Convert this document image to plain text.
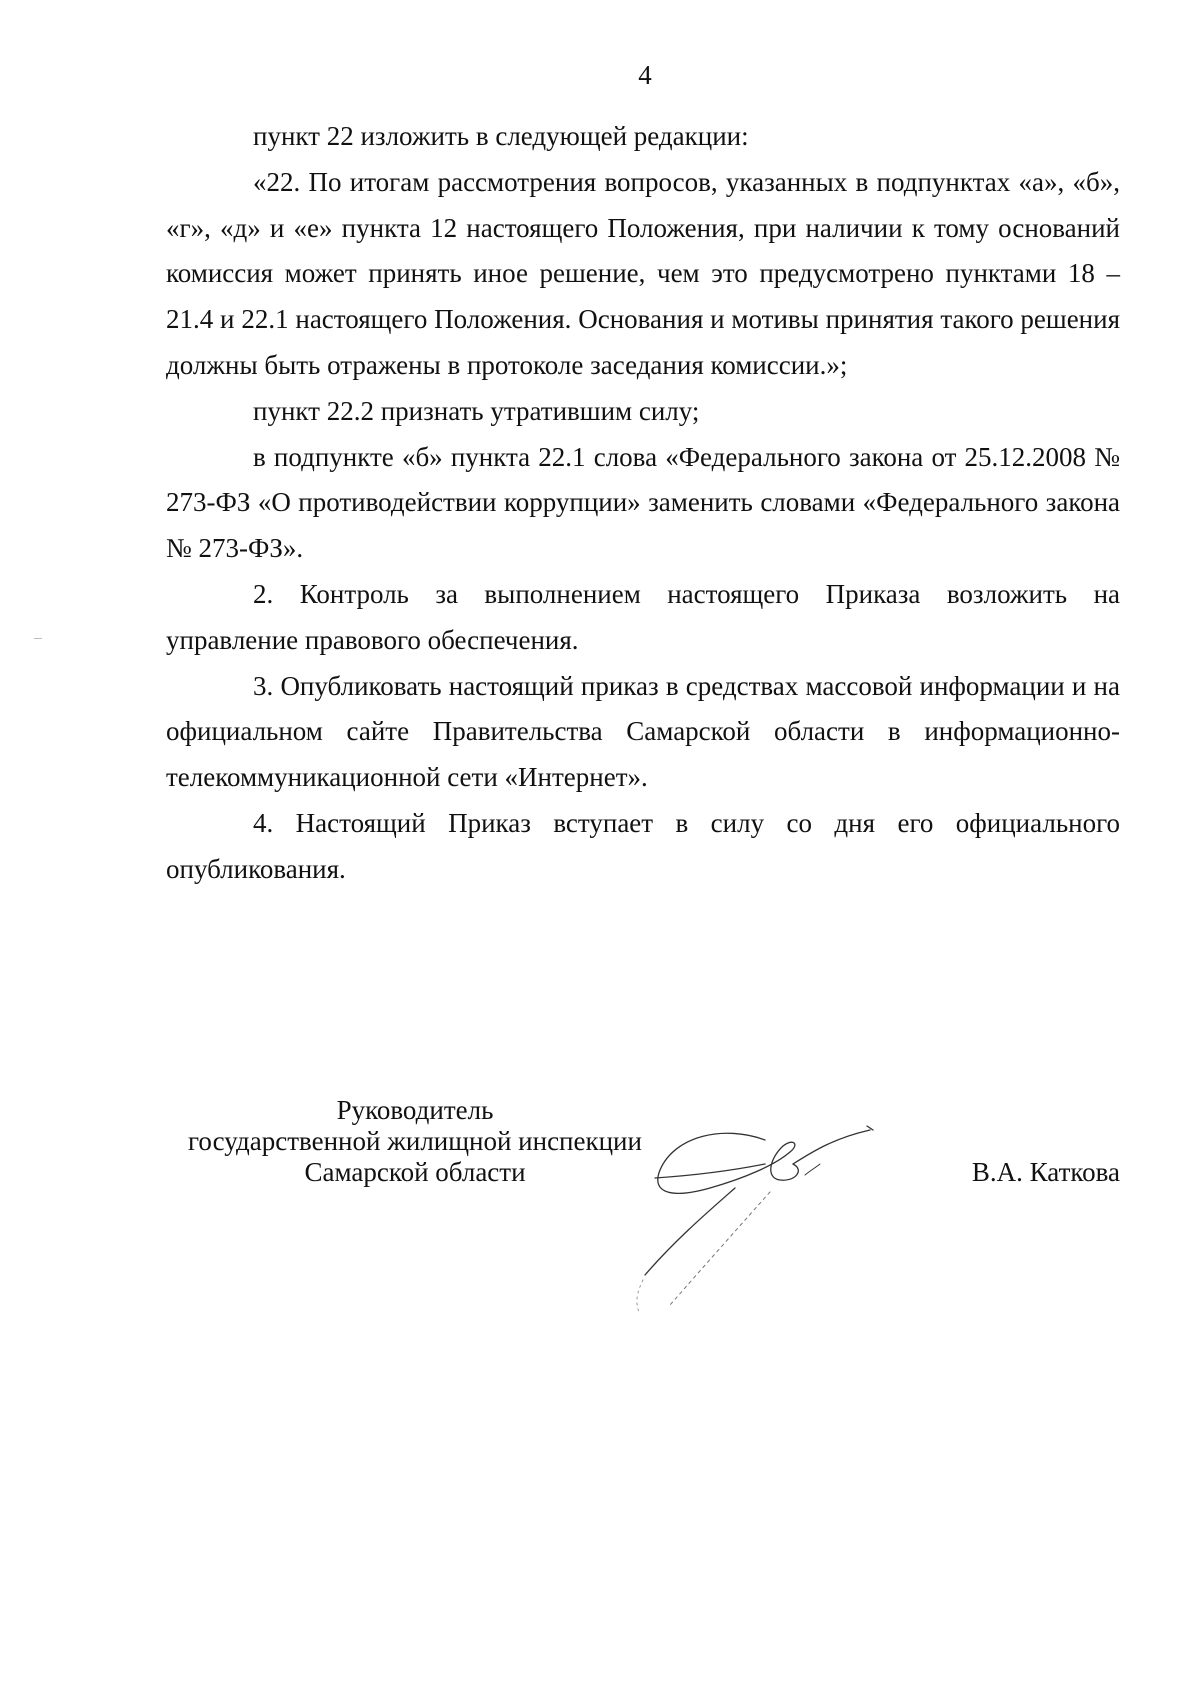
4

пункт 22 изложить в следующей редакции:

«22. По итогам рассмотрения вопросов, указанных в подпунктах «а», «б», «г», «д» и «е» пункта 12 настоящего Положения, при наличии к тому оснований комиссия может принять иное решение, чем это предусмотрено пунктами 18 – 21.4 и 22.1 настоящего Положения. Основания и мотивы принятия такого решения должны быть отражены в протоколе заседания комиссии.»;

пункт 22.2 признать утратившим силу;

в подпункте «б» пункта 22.1 слова «Федерального закона от 25.12.2008 № 273-ФЗ «О противодействии коррупции» заменить словами «Федерального закона № 273-ФЗ».

2. Контроль за выполнением настоящего Приказа возложить на управление правового обеспечения.

3. Опубликовать настоящий приказ в средствах массовой информации и на официальном сайте Правительства Самарской области в информационно-телекоммуникационной сети «Интернет».

4. Настоящий Приказ вступает в силу со дня его официального опубликования.

Руководитель
государственной жилищной инспекции
Самарской области	В.А. Каткова
